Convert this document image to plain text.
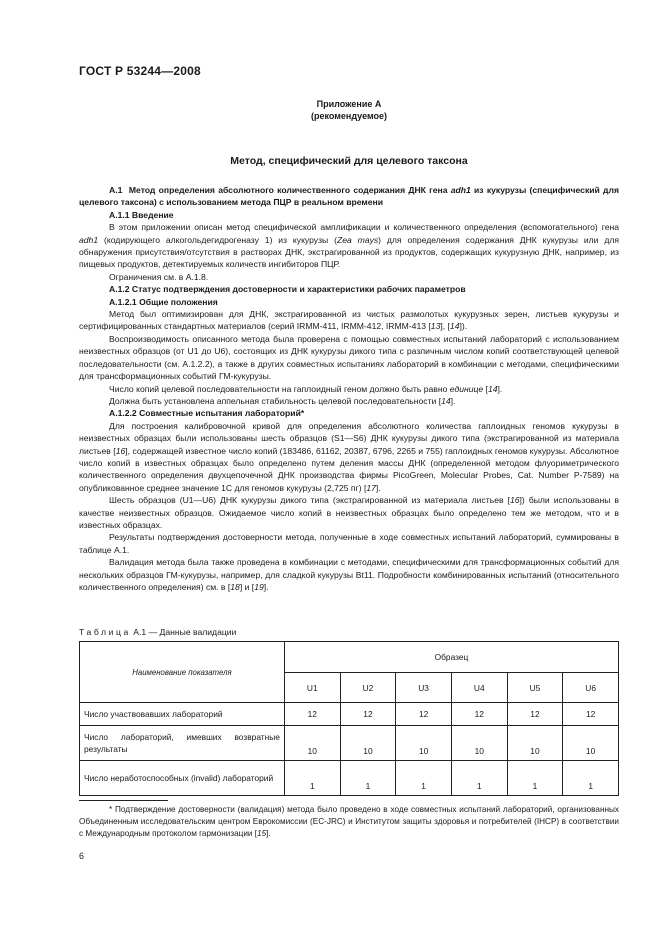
ГОСТ Р 53244—2008
Приложение А
(рекомендуемое)
Метод, специфический для целевого таксона

А.1 Метод определения абсолютного количественного содержания ДНК гена adh1 из кукурузы (специфический для целевого таксона) с использованием метода ПЦР в реальном времени

А.1.1 Введение

В этом приложении описан метод специфической амплификации и количественного определения (вспомогательного) гена adh1 (кодирующего алкогольдегидрогеназу 1) из кукурузы (Zea mays) для определения содержания ДНК кукурузы или для обнаружения присутствия/отсутствия в растворах ДНК, экстрагированной из продуктов, содержащих кукурузную ДНК, например, из пищевых продуктов, детектируемых количеств ингибиторов ПЦР.

Ограничения см. в А.1.8.

А.1.2 Статус подтверждения достоверности и характеристики рабочих параметров

А.1.2.1 Общие положения

Метод был оптимизирован для ДНК, экстрагированной из чистых размолотых кукурузных зерен, листьев кукурузы и сертифицированных стандартных материалов (серий IRMM-411, IRMM-412, IRMM-413 [13], [14]).

Воспроизводимость описанного метода была проверена с помощью совместных испытаний лабораторий с использованием неизвестных образцов (от U1 до U6), состоящих из ДНК кукурузы дикого типа с различным числом копий соответствующей целевой последовательности (см. А.1.2.2), а также в других совместных испытаниях лабораторий в комбинации с методами, специфическими для трансформационных событий ГМ-кукурузы.

Число копий целевой последовательности на гаплоидный геном должно быть равно единице [14].

Должна быть установлена аппельная стабильность целевой последовательности [14].

А.1.2.2 Совместные испытания лабораторий*

Для построения калибровочной кривой для определения абсолютного количества гаплоидных геномов кукурузы в неизвестных образцах были использованы шесть образцов (S1—S6) ДНК кукурузы дикого типа (экстрагированной из материала листьев [16], содержащей известное число копий (183486, 61162, 20387, 6796, 2265 и 755) гаплоидных геномов кукурузы. Абсолютное число копий в известных образцах было определено путем деления массы ДНК (определенной методом флуориметрического количественного определения двухцепочечной ДНК производства фирмы PicoGreen, Molecular Probes, Cat. Number P-7589) на опубликованное среднее значение 1С для геномов кукурузы (2,725 пг) [17].

Шесть образцов (U1—U6) ДНК кукурузы дикого типа (экстрагированной из материала листьев [16]) были использованы в качестве неизвестных образцов. Ожидаемое число копий в неизвестных образцах было определено тем же методом, что и в известных образцах.

Результаты подтверждения достоверности метода, полученные в ходе совместных испытаний лабораторий, суммированы в таблице А.1.

Валидация метода была также проведена в комбинации с методами, специфическими для трансформационных событий для нескольких образцов ГМ-кукурузы, например, для сладкой кукурузы Bt11. Подробности комбинированных испытаний (относительного количественного определения) см. в [18] и [19].

Таблица А.1 — Данные валидации
Наименование показателя	Образец					
	U1	U2	U3	U4	U5	U6
Число участвовавших лабораторий	12	12	12	12	12	12
Число лабораторий, имевших возвратные результаты	10	10	10	10	10	10
Число неработоспособных (invalid) лабораторий	1	1	1	1	1	1
* Подтверждение достоверности (валидация) метода было проведено в ходе совместных испытаний лабораторий, организованных Объединенным исследовательским центром Еврокомиссии (EC-JRC) и Институтом защиты здоровья и потребителей (IHCP) в соответствии с Международным протоколом гармонизации [15].
6
